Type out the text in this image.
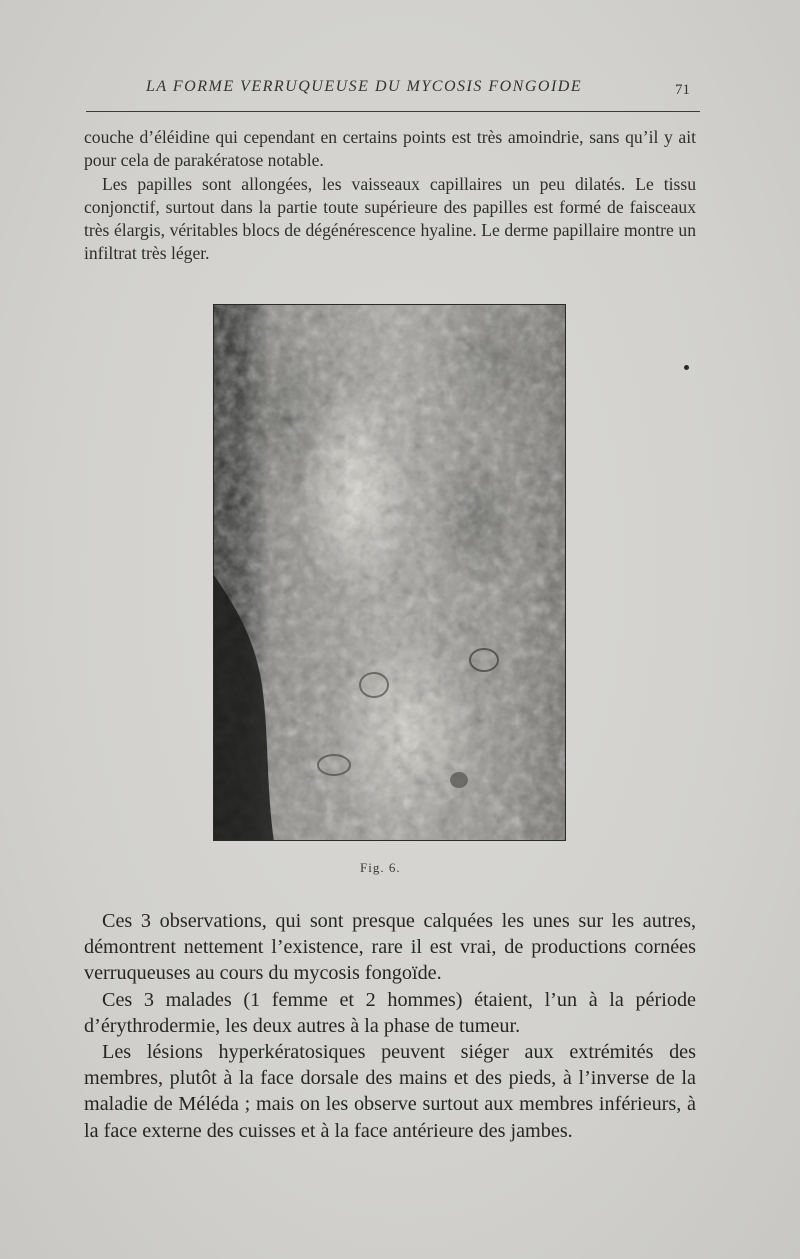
LA FORME VERRUQUEUSE DU MYCOSIS FONGOIDE	71

couche d’éléidine qui cependant en certains points est très amoindrie, sans qu’il y ait pour cela de parakératose notable.

Les papilles sont allongées, les vaisseaux capillaires un peu dilatés. Le tissu conjonctif, surtout dans la partie toute supérieure des papilles est formé de faisceaux très élargis, véritables blocs de dégénérescence hyaline. Le derme papillaire montre un infiltrat très léger.

Fig. 6.

Ces 3 observations, qui sont presque calquées les unes sur les autres, démontrent nettement l’existence, rare il est vrai, de productions cornées verruqueuses au cours du mycosis fongoïde.

Ces 3 malades (1 femme et 2 hommes) étaient, l’un à la période d’érythrodermie, les deux autres à la phase de tumeur.

Les lésions hyperkératosiques peuvent siéger aux extrémités des membres, plutôt à la face dorsale des mains et des pieds, à l’inverse de la maladie de Méléda ; mais on les observe surtout aux membres inférieurs, à la face externe des cuisses et à la face antérieure des jambes.
